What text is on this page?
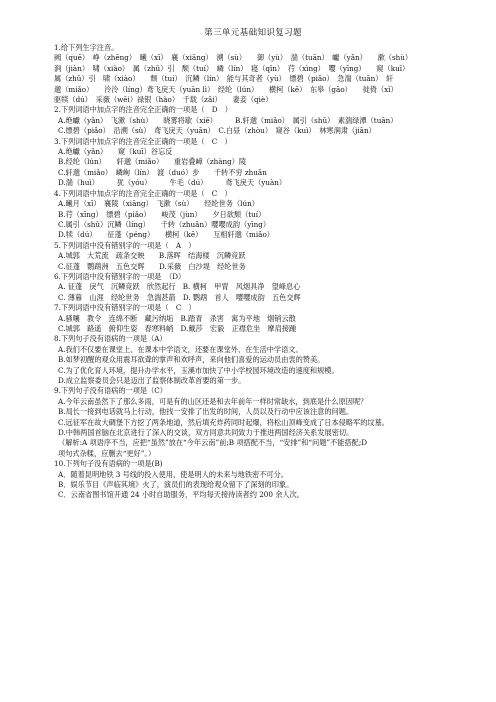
第三单元基础知识复习题
1.给下列生字注音。
阙（quē）　峥（zhēng）　曦（xī）　襄（xiāng）　溯（sù）　　御（yù）　湍（tuān）　巘（yǎn）　　漱（shù）
涧（jiàn）　啸（xiào）　属（zhǔ）引　颓（tuí）　嶙（lín）　寝（qǐn）　荇（xìng）　嘤（yīng）　　窥（kuī）　　
属（zhǔ）引　啸（xiào）　　颓（tuí）　沉鳞（lín）　能与其奇者（yù）　缥碧（piǎo）　急湍（tuān）　轩
邈（miǎo）　　泠泠（líng）鸢飞戾天（yuān lì）　经纶（lún）　　横柯（kē）　东皋（gāo）　　徙倚（xǐ）
驱犊（dú）　采薇（wēi）禄银（hào）　千载（zǎi）　　妻妾（qiè）
2.下列词语中加点字的注音完全正确的一项是（　D　）
A.绝巘（yǎn）　飞漱（shù）　　晓雾将歇（xiē）　　　B.轩邈（miǎo）　属引（shǔ）　素湍绿潭（tuān）
C.缥碧（piǎo）　沿溯（sù）　鸢飞戾天（yuān）　C.白昼（zhòu）　窥谷（kuì）　林寒涧肃（jiān）
3.下列词语中加点字的注音完全正确的一项是（　C　）
A.绝巘（yǎn）　　窥（kuī）谷忘反
B.经纶（lún）　　轩邈（miǎo）　　重岩叠嶂（zhàng）陵
C.轩邈（miǎo）　嶙峋（lín）　渡（duó）步　　千转不穷 zhuǎn
D.湍（huì）　　　犹（yóu）　　　牛毛（dú）　　　鸢飞戾天（yuàn）
4.下列词语中加点字的注音完全正确的一项是（　C　）
A.曦月（xī）　襄陵（xiāng）　飞漱（sù）　　经纶世务（lún）
B.荇（xīng）　缥碧（piǎo）　　峻茂（jùn）　　夕日欲颓（tuí）
C.属引（shǔ）沉鳞（líng）　　千转（zhuǎn）嘤嘤成韵（yīng）
D.犊（dú）　　征蓬（péng）　　横柯（kē）　　互相轩邈（miǎo）
5.下列词语中没有错别字的一项是（　A　）
A.城郭　大荒流　疏条交映　　B.落晖　结海楼　沉鳞竞跃
C.征蓬　鹦鹉洲　五色交辉　　D.采薇　白沙堤　经纶世务
6.下列词语中没有错别字的一项是　（D）
A. 征蓬　戾气　沉鳞竞跃　欣然起行　B. 横柯　甲胄　风烟具净　望峰息心
C. 薄暮　山涯　经纶世务　急湍甚箭　D. 鹦鹉　首人　嘤嘤成韵　五色交辉
7.下列词语中没有错别字的一项是（　C　）
A.骚嚷　教令　连绵不断　藏污纳垢　B.踏青　杀害　寓为平地　烟销云散
C.城郭　路遥　俯仰生姿　春寒料峭　D.戴莎　宏毅　正襟危坐　摩肩接踵
8.下列句子没有语病的一项是（A）
A.我们不仅要在课堂上、在课本中学语文，还要在课堂外、在生活中学语文。
B.如梦初醒的观众用震耳欲聋的掌声和欢呼声，来向他们喜爱的运动员由衷的赞美。
C.为了优化育人环境，提升办学水平，玉溪市加快了中小学校园环境改造的速度和规模。
D.成立监察委员会只是迈出了监察体制改革首要的第一步。
9.下列句子没有语病的一项是（C）
A.今年云南虽然下了那么多雨，可是有的山区还是和去年前年一样时常缺水，到底是什么原因呢？
B.局长一接到电话就马上行动，他找一安排了出发的时间，人员以及行动中应该注意的问题。
C.远征军在故大碉堡下方挖了两条地道，然后填充炸药同时起爆，将松山顶峰变成了日本侵略军的坟墓。
D.中韩两国首脑在北京进行了深入的交谈，双方同意共同致力于推进两国经济关系发展密切。
（解析:A 项语序不当，应把“虽然”放在“今年云南”前;B 项搭配不当，“安排”和“问题”不能搭配;D
项句式杂糅，应删去“更好”。）
10.下列句子没有语病的一项是(B)
A．随着昆明地铁 3 号线的投入使用，使是明人的未来与地铁密不可分。
B．娱乐节目《声临其境》火了，演员们的表现给观众留下了深刻的印象。
C．云南省图书馆开通 24 小时自助服务，平均每天接待读者约 200 余人次。
